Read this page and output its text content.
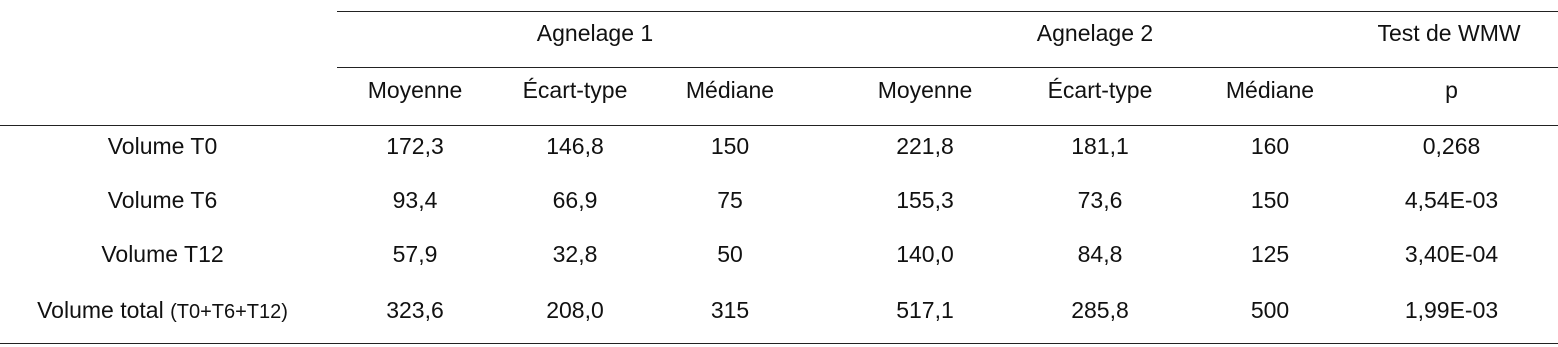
Agnelage 1	Agnelage 2	Test de WMW
Moyenne	Écart-type	Médiane	Moyenne	Écart-type	Médiane	p
Volume T0	172,3	146,8	150	221,8	181,1	160	0,268
Volume T6	93,4	66,9	75	155,3	73,6	150	4,54E-03
Volume T12	57,9	32,8	50	140,0	84,8	125	3,40E-04
Volume total (T0+T6+T12)	323,6	208,0	315	517,1	285,8	500	1,99E-03
